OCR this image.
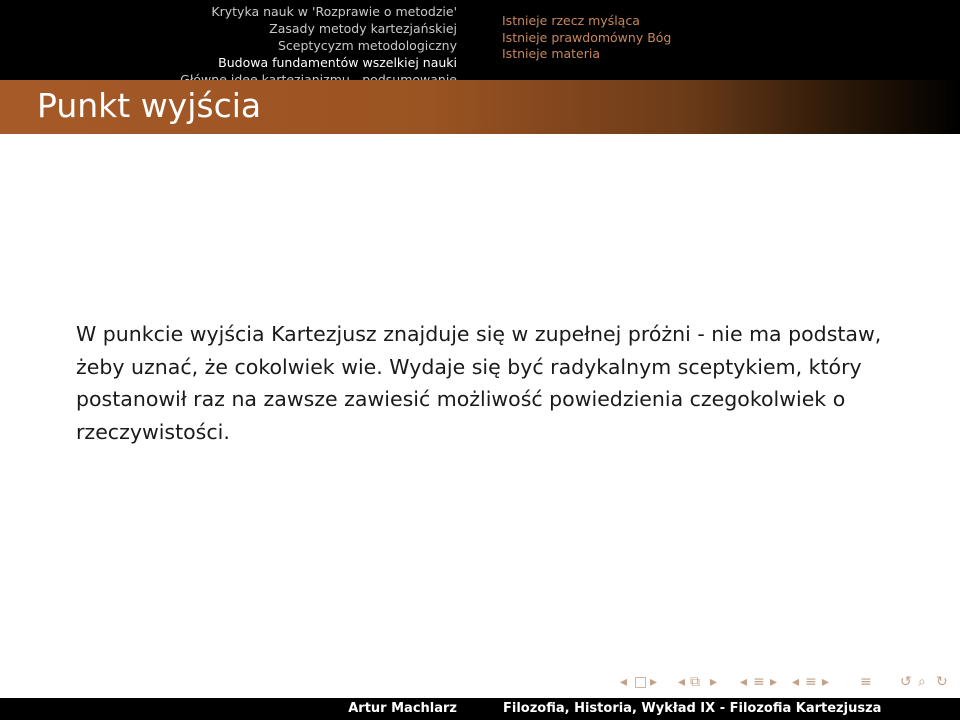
Krytyka nauk w 'Rozprawie o metodzie'
Zasady metody kartezjańskiej
Sceptycyzm metodologiczny
Budowa fundamentów wszelkiej nauki
Istnieje rzecz myśląca
Istnieje prawdomówny Bóg
Istnieje materia
Punkt wyjścia
W punkcie wyjścia Kartezjusz znajduje się w zupełnej próżni - nie ma podstaw, żeby uznać, że cokolwiek wie. Wydaje się być radykalnym sceptykiem, który postanowił raz na zawsze zawiesić możliwość powiedzienia czegokolwiek o rzeczywistości.
◂ □ ▸ ◂ ⧉ ▸ ◂ ≡ ▸ ◂ ≡ ▸ ≡ ↺ ⌕ ↻
Artur Machlarz	Filozofia, Historia, Wykład IX - Filozofia Kartezjusza
